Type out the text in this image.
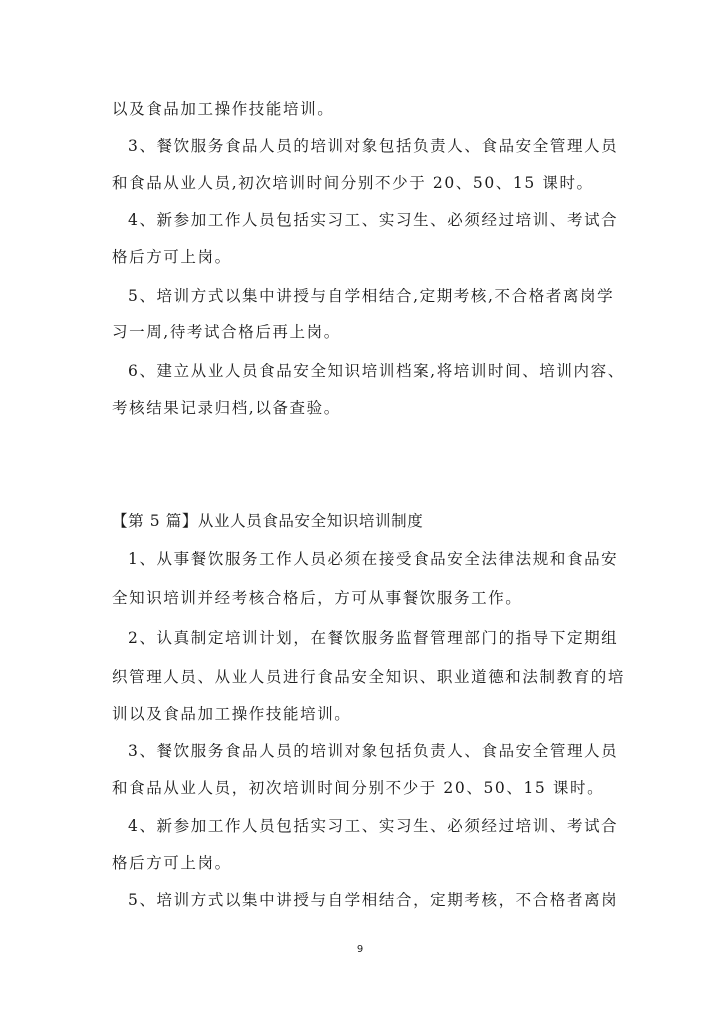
以及食品加工操作技能培训。
3、餐饮服务食品人员的培训对象包括负责人、食品安全管理人员
和食品从业人员,初次培训时间分别不少于 20、50、15 课时。
4、新参加工作人员包括实习工、实习生、必须经过培训、考试合
格后方可上岗。
5、培训方式以集中讲授与自学相结合,定期考核,不合格者离岗学
习一周,待考试合格后再上岗。
6、建立从业人员食品安全知识培训档案,将培训时间、培训内容、
考核结果记录归档,以备查验。
【第 5 篇】从业人员食品安全知识培训制度
1、从事餐饮服务工作人员必须在接受食品安全法律法规和食品安
全知识培训并经考核合格后，方可从事餐饮服务工作。
2、认真制定培训计划，在餐饮服务监督管理部门的指导下定期组
织管理人员、从业人员进行食品安全知识、职业道德和法制教育的培
训以及食品加工操作技能培训。
3、餐饮服务食品人员的培训对象包括负责人、食品安全管理人员
和食品从业人员，初次培训时间分别不少于 20、50、15 课时。
4、新参加工作人员包括实习工、实习生、必须经过培训、考试合
格后方可上岗。
5、培训方式以集中讲授与自学相结合，定期考核，不合格者离岗
9
